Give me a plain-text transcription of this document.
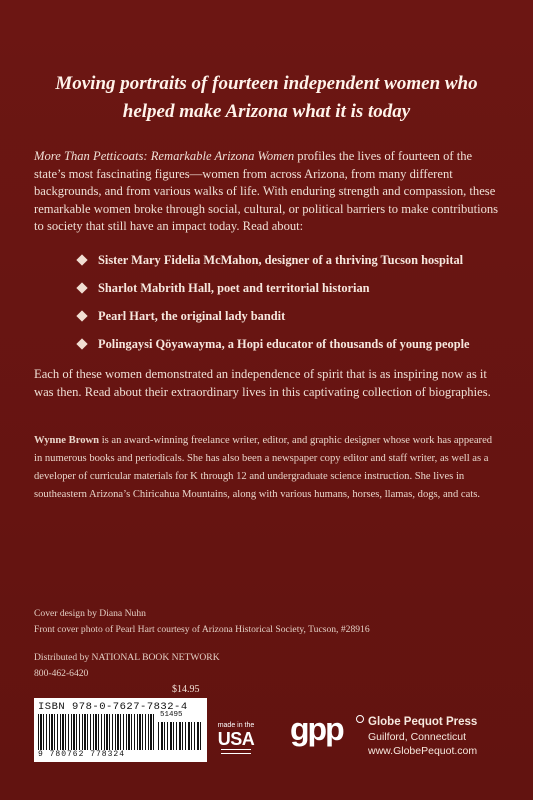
Moving portraits of fourteen independent women who helped make Arizona what it is today
More Than Petticoats: Remarkable Arizona Women profiles the lives of fourteen of the state’s most fascinating figures—women from across Arizona, from many different backgrounds, and from various walks of life. With enduring strength and compassion, these remarkable women broke through social, cultural, or political barriers to make contributions to society that still have an impact today. Read about:
Sister Mary Fidelia McMahon, designer of a thriving Tucson hospital
Sharlot Mabrith Hall, poet and territorial historian
Pearl Hart, the original lady bandit
Polingaysi Qöyawayma, a Hopi educator of thousands of young people
Each of these women demonstrated an independence of spirit that is as inspiring now as it was then. Read about their extraordinary lives in this captivating collection of biographies.
Wynne Brown is an award-winning freelance writer, editor, and graphic designer whose work has appeared in numerous books and periodicals. She has also been a newspaper copy editor and staff writer, as well as a developer of curricular materials for K through 12 and undergraduate science instruction. She lives in southeastern Arizona’s Chiricahua Mountains, along with various humans, horses, llamas, dogs, and cats.
Cover design by Diana Nuhn
Front cover photo of Pearl Hart courtesy of Arizona Historical Society, Tucson, #28916
Distributed by NATIONAL BOOK NETWORK
800-462-6420
$14.95
ISBN 978-0-7627-7832-4
51495
9 780762 778324
made in the
USA gpp Globe Pequot Press
Guilford, Connecticut
www.GlobePequot.com
